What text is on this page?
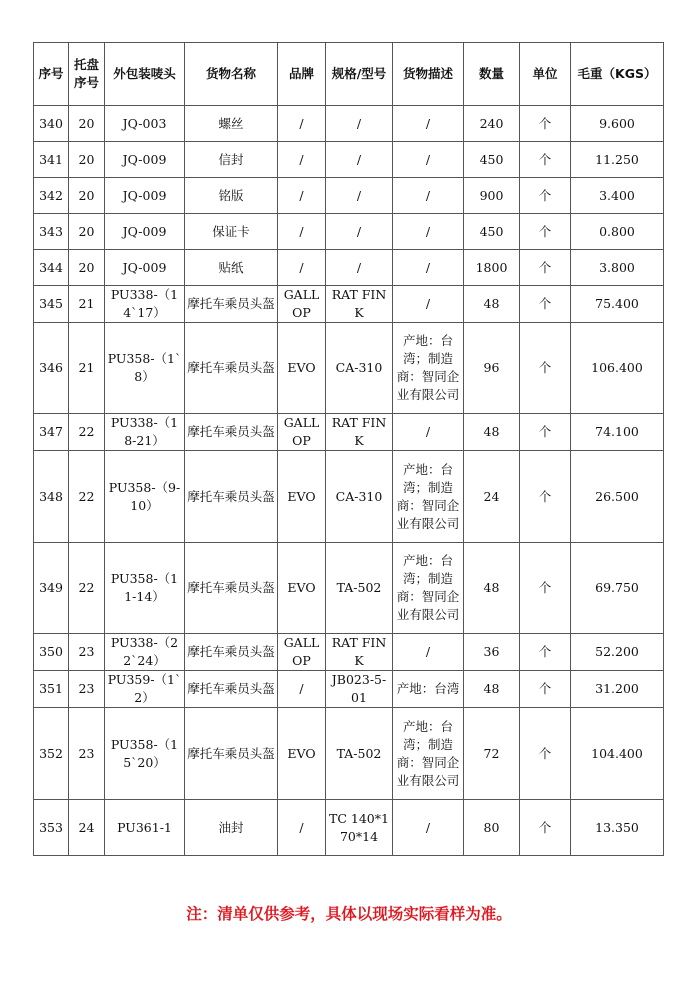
序号	托盘序号	外包装唛头	货物名称	品牌	规格/型号	货物描述	数量	单位	毛重（KGS）
340	20	JQ-003	螺丝	/	/	/	240	个	9.600
341	20	JQ-009	信封	/	/	/	450	个	11.250
342	20	JQ-009	铭版	/	/	/	900	个	3.400
343	20	JQ-009	保证卡	/	/	/	450	个	0.800
344	20	JQ-009	贴纸	/	/	/	1800	个	3.800
345	21	PU338-（14`17）	摩托车乘员头盔	GALLOP	RAT FINK	/	48	个	75.400
346	21	PU358-（1`8）	摩托车乘员头盔	EVO	CA-310	产地：台湾；制造商：智同企业有限公司	96	个	106.400
347	22	PU338-（18-21）	摩托车乘员头盔	GALLOP	RAT FINK	/	48	个	74.100
348	22	PU358-（9-10）	摩托车乘员头盔	EVO	CA-310	产地：台湾；制造商：智同企业有限公司	24	个	26.500
349	22	PU358-（11-14）	摩托车乘员头盔	EVO	TA-502	产地：台湾；制造商：智同企业有限公司	48	个	69.750
350	23	PU338-（22`24）	摩托车乘员头盔	GALLOP	RAT FINK	/	36	个	52.200
351	23	PU359-（1`2）	摩托车乘员头盔	/	JB023-5-01	产地：台湾	48	个	31.200
352	23	PU358-（15`20）	摩托车乘员头盔	EVO	TA-502	产地：台湾；制造商：智同企业有限公司	72	个	104.400
353	24	PU361-1	油封	/	TC 140*170*14	/	80	个	13.350
注：清单仅供参考，具体以现场实际看样为准。
